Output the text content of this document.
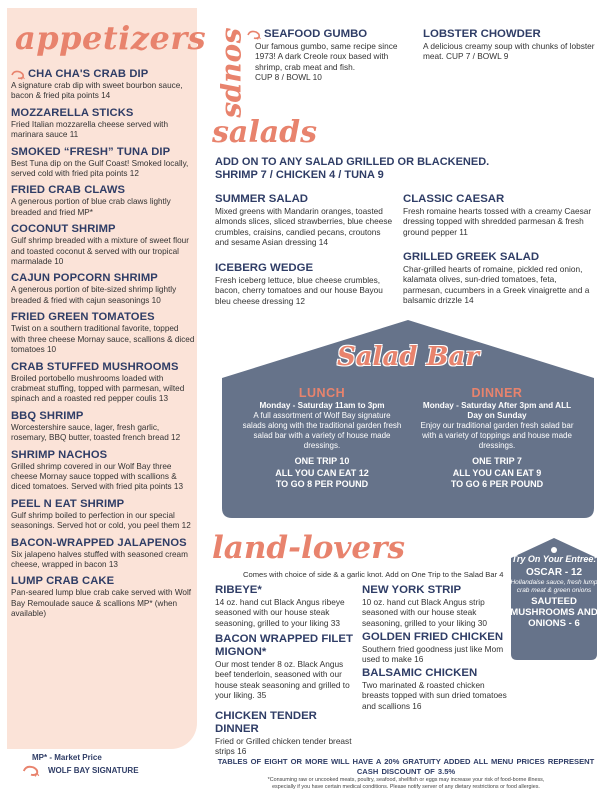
appetizers
CHA CHA'S CRAB DIP
A signature crab dip with sweet bourbon sauce, bacon & fried pita points 14
MOZZARELLA STICKS
Fried Italian mozzarella cheese served with marinara sauce 11
SMOKED “FRESH” TUNA DIP
Best Tuna dip on the Gulf Coast! Smoked locally, served cold with fried pita points 12
FRIED CRAB CLAWS
A generous portion of blue crab claws lightly breaded and fried MP*
COCONUT SHRIMP
Gulf shrimp breaded with a mixture of sweet flour and toasted coconut & served with our tropical marmalade 10
CAJUN POPCORN SHRIMP
A generous portion of bite-sized shrimp lightly breaded & fried with cajun seasonings 10
FRIED GREEN TOMATOES
Twist on a southern traditional favorite, topped with three cheese Mornay sauce, scallions & diced tomatoes 10
CRAB STUFFED MUSHROOMS
Broiled portobello mushrooms loaded with crabmeat stuffing, topped with parmesan, wilted spinach and a roasted red pepper coulis 13
BBQ SHRIMP
Worcestershire sauce, lager, fresh garlic, rosemary, BBQ butter, toasted french bread 12
SHRIMP NACHOS
Grilled shrimp covered in our Wolf Bay three cheese Mornay sauce topped with scallions & diced tomatoes. Served with fried pita points 13
PEEL N EAT SHRIMP
Gulf shrimp boiled to perfection in our special seasonings. Served hot or cold, you peel them 12
BACON-WRAPPED JALAPENOS
Six jalapeno halves stuffed with seasoned cream cheese, wrapped in bacon 13
LUMP CRAB CAKE
Pan-seared lump blue crab cake served with Wolf Bay Remoulade sauce & scallions MP* (when available)
MP* - Market Price
WOLF BAY SIGNATURE
soups SEAFOOD GUMBO
Our famous gumbo, same recipe since 1973! A dark Creole roux based with shrimp, crab meat and fish.
CUP 8 / BOWL 10
LOBSTER CHOWDER
A delicious creamy soup with chunks of lobster meat. CUP 7 / BOWL 9
salads
ADD ON TO ANY SALAD GRILLED OR BLACKENED.
SHRIMP 7 / CHICKEN 4 / TUNA 9
SUMMER SALAD
Mixed greens with Mandarin oranges, toasted almonds slices, sliced strawberries, blue cheese crumbles, craisins, candied pecans, croutons and sesame Asian dressing 14
CLASSIC CAESAR
Fresh romaine hearts tossed with a creamy Caesar dressing topped with shredded parmesan & fresh ground pepper 11
ICEBERG WEDGE
Fresh iceberg lettuce, blue cheese crumbles, bacon, cherry tomatoes and our house Bayou bleu cheese dressing 12
GRILLED GREEK SALAD
Char-grilled hearts of romaine, pickled red onion, kalamata olives, sun-dried tomatoes, feta, parmesan, cucumbers in a Greek vinaigrette and a balsamic drizzle 14
Salad Bar
LUNCH
Monday - Saturday 11am to 3pm
A full assortment of Wolf Bay signature salads along with the traditional garden fresh salad bar with a variety of house made dressings.
ONE TRIP 10
ALL YOU CAN EAT 12
TO GO 8 PER POUND
DINNER
Monday - Saturday After 3pm and ALL Day on Sunday
Enjoy our traditional garden fresh salad bar with a variety of toppings and house made dressings.
ONE TRIP 7
ALL YOU CAN EAT 9
TO GO 6 PER POUND
land-lovers
Comes with choice of side & a garlic knot. Add on One Trip to the Salad Bar 4
RIBEYE*
14 oz. hand cut Black Angus ribeye seasoned with our house steak seasoning, grilled to your liking 33
NEW YORK STRIP
10 oz. hand cut Black Angus strip seasoned with our house steak seasoning, grilled to your liking 30
BACON WRAPPED FILET MIGNON*
Our most tender 8 oz. Black Angus beef tenderloin, seasoned with our house steak seasoning and grilled to your liking. 35
GOLDEN FRIED CHICKEN
Southern fried goodness just like Mom used to make 16
BALSAMIC CHICKEN
Two marinated & roasted chicken breasts topped with sun dried tomatoes and scallions 16
CHICKEN TENDER DINNER
Fried or Grilled chicken tender breast strips 16
Try On Your Entree:
OSCAR - 12
Hollandaise sauce, fresh lump crab meat & green onions
SAUTEED MUSHROOMS AND ONIONS - 6
TABLES OF EIGHT OR MORE WILL HAVE A 20% GRATUITY ADDED ALL MENU PRICES REPRESENT CASH DISCOUNT OF 3.5%
*Consuming raw or uncooked meats, poultry, seafood, shellfish or eggs may increase your risk of food-borne illness,
especially if you have certain medical conditions. Please notify server of any dietary restrictions or food allergies.
